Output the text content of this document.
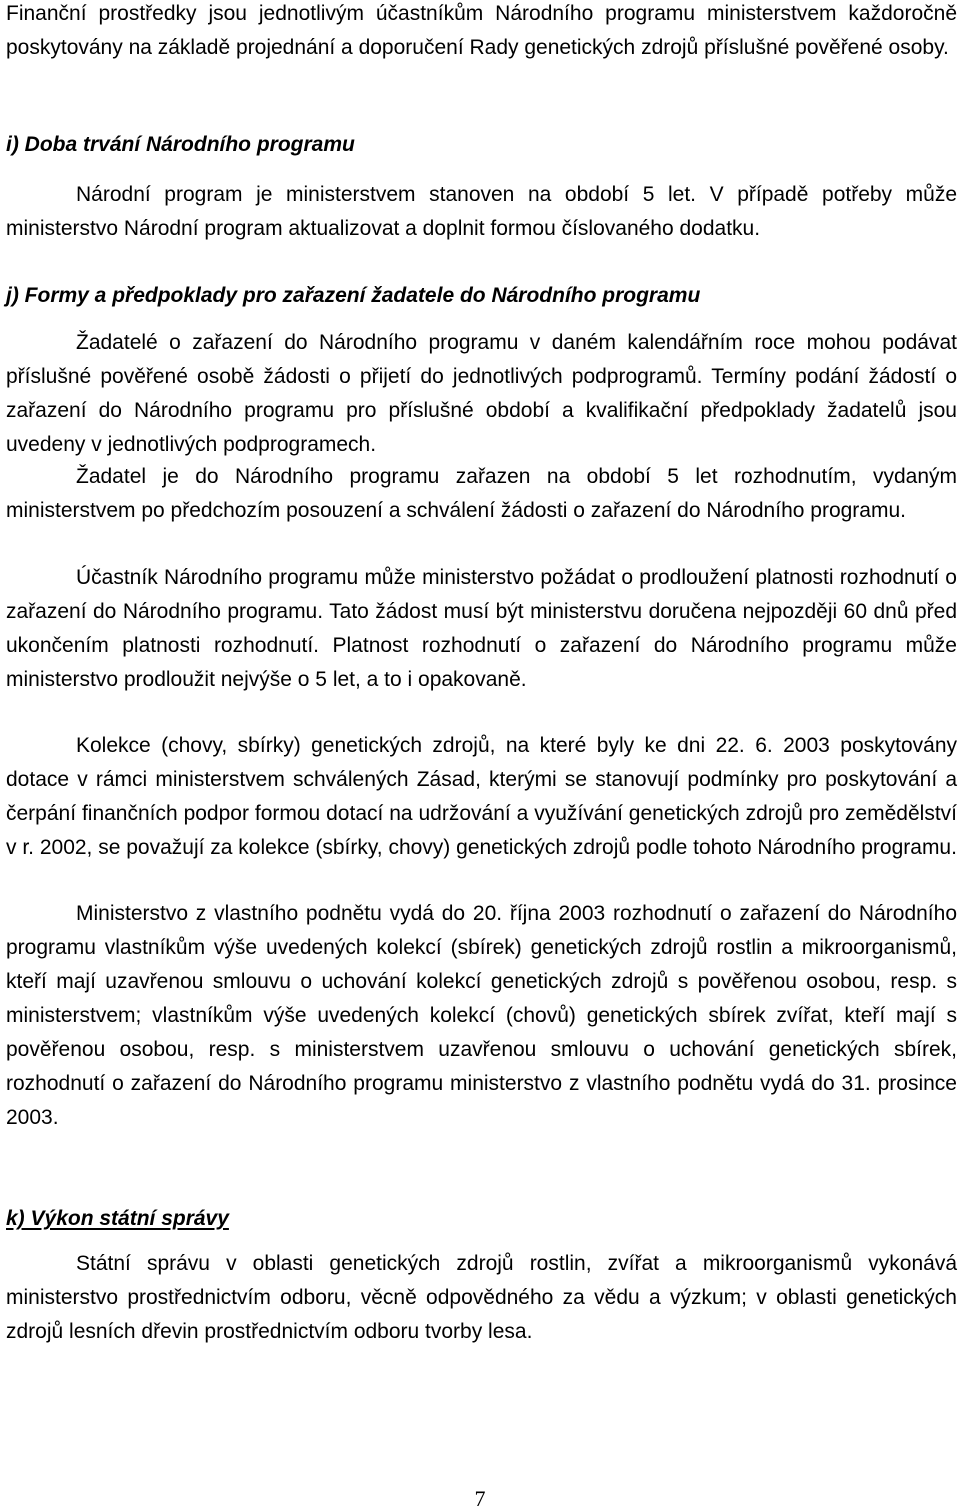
Finanční prostředky jsou jednotlivým účastníkům Národního programu ministerstvem každoročně poskytovány na základě projednání a doporučení Rady genetických zdrojů příslušné pověřené osoby.

i) Doba trvání Národního programu

Národní program je ministerstvem stanoven na období 5 let. V případě potřeby může ministerstvo Národní program aktualizovat a doplnit formou číslovaného dodatku.

j) Formy a předpoklady pro zařazení žadatele do Národního programu

Žadatelé o zařazení do Národního programu v daném kalendářním roce mohou podávat příslušné pověřené osobě žádosti o přijetí do jednotlivých podprogramů. Termíny podání žádostí o zařazení do Národního programu pro příslušné období a kvalifikační předpoklady žadatelů jsou uvedeny v jednotlivých podprogramech.

Žadatel je do Národního programu zařazen na období 5 let rozhodnutím, vydaným ministerstvem po předchozím posouzení a schválení žádosti o zařazení do Národního programu.

Účastník Národního programu může ministerstvo požádat o prodloužení platnosti rozhodnutí o zařazení do Národního programu. Tato žádost musí být ministerstvu doručena nejpozději 60 dnů před ukončením platnosti rozhodnutí. Platnost rozhodnutí o zařazení do Národního programu může ministerstvo prodloužit nejvýše o 5 let, a to i opakovaně.

Kolekce (chovy, sbírky) genetických zdrojů, na které byly ke dni 22. 6. 2003 poskytovány dotace v rámci ministerstvem schválených Zásad, kterými se stanovují podmínky pro poskytování a čerpání finančních podpor formou dotací na udržování a využívání genetických zdrojů pro zemědělství v r. 2002, se považují za kolekce (sbírky, chovy) genetických zdrojů podle tohoto Národního programu.

Ministerstvo z vlastního podnětu vydá do 20. října 2003 rozhodnutí o zařazení do Národního programu vlastníkům výše uvedených kolekcí (sbírek) genetických zdrojů rostlin a mikroorganismů, kteří mají uzavřenou smlouvu o uchování kolekcí genetických zdrojů s pověřenou osobou, resp. s ministerstvem; vlastníkům výše uvedených kolekcí (chovů) genetických sbírek zvířat, kteří mají s pověřenou osobou, resp. s ministerstvem uzavřenou smlouvu o uchování genetických sbírek, rozhodnutí o zařazení do Národního programu ministerstvo z vlastního podnětu vydá do 31. prosince 2003.

k) Výkon státní správy

Státní správu v oblasti genetických zdrojů rostlin, zvířat a mikroorganismů vykonává ministerstvo prostřednictvím odboru, věcně odpovědného za vědu a výzkum; v oblasti genetických zdrojů lesních dřevin prostřednictvím odboru tvorby lesa.

7
